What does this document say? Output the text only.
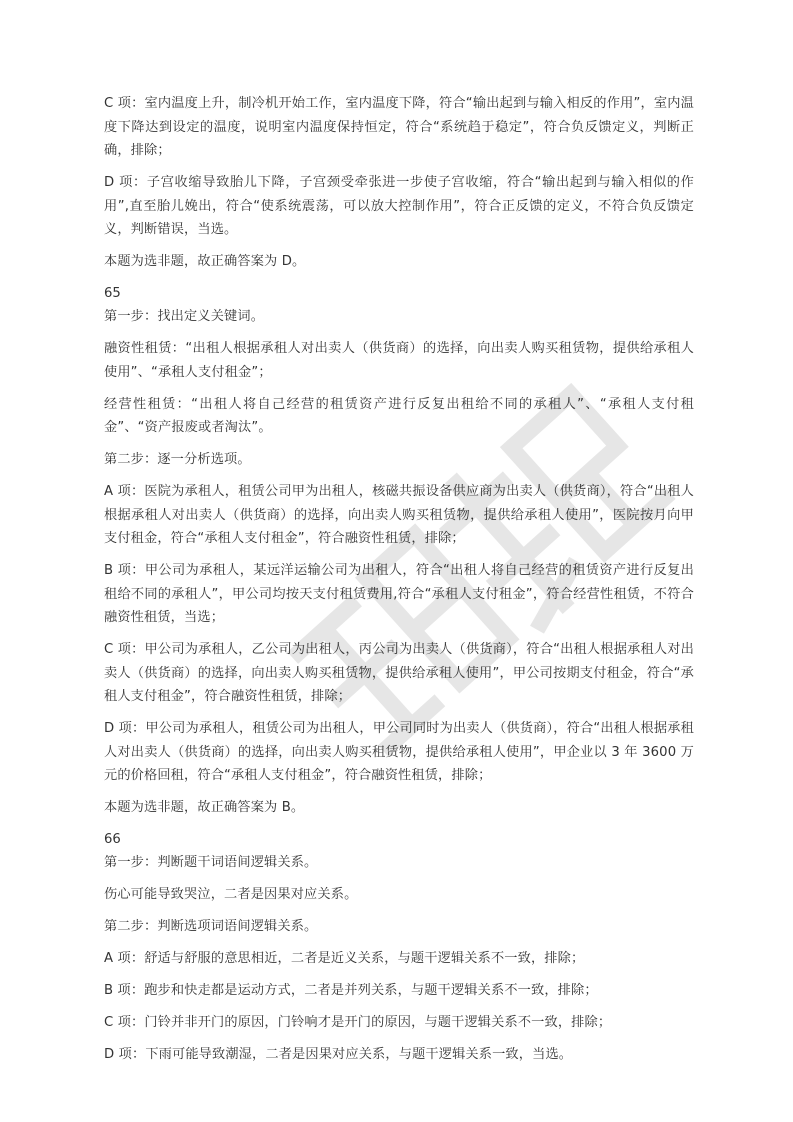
C 项：室内温度上升，制冷机开始工作，室内温度下降，符合“输出起到与输入相反的作用”，室内温度下降达到设定的温度，说明室内温度保持恒定，符合“系统趋于稳定”，符合负反馈定义，判断正确，排除；

D 项：子宫收缩导致胎儿下降，子宫颈受牵张进一步使子宫收缩，符合“输出起到与输入相似的作用”,直至胎儿娩出，符合“使系统震荡，可以放大控制作用”，符合正反馈的定义，不符合负反馈定义，判断错误，当选。

本题为选非题，故正确答案为 D。

65

第一步：找出定义关键词。

融资性租赁：“出租人根据承租人对出卖人（供货商）的选择，向出卖人购买租赁物，提供给承租人使用”、“承租人支付租金”；

经营性租赁：“出租人将自己经营的租赁资产进行反复出租给不同的承租人”、“承租人支付租金”、“资产报废或者淘汰”。

第二步：逐一分析选项。

A 项：医院为承租人，租赁公司甲为出租人，核磁共振设备供应商为出卖人（供货商），符合“出租人根据承租人对出卖人（供货商）的选择，向出卖人购买租赁物，提供给承租人使用”，医院按月向甲支付租金，符合“承租人支付租金”，符合融资性租赁，排除；

B 项：甲公司为承租人，某远洋运输公司为出租人，符合“出租人将自己经营的租赁资产进行反复出租给不同的承租人”，甲公司均按天支付租赁费用,符合“承租人支付租金”，符合经营性租赁，不符合融资性租赁，当选；

C 项：甲公司为承租人，乙公司为出租人，丙公司为出卖人（供货商），符合“出租人根据承租人对出卖人（供货商）的选择，向出卖人购买租赁物，提供给承租人使用”，甲公司按期支付租金，符合“承租人支付租金”，符合融资性租赁，排除；

D 项：甲公司为承租人，租赁公司为出租人，甲公司同时为出卖人（供货商），符合“出租人根据承租人对出卖人（供货商）的选择，向出卖人购买租赁物，提供给承租人使用”，甲企业以 3 年 3600 万元的价格回租，符合“承租人支付租金”，符合融资性租赁，排除；

本题为选非题，故正确答案为 B。

66

第一步：判断题干词语间逻辑关系。

伤心可能导致哭泣，二者是因果对应关系。

第二步：判断选项词语间逻辑关系。

A 项：舒适与舒服的意思相近，二者是近义关系，与题干逻辑关系不一致，排除；

B 项：跑步和快走都是运动方式，二者是并列关系，与题干逻辑关系不一致，排除；

C 项：门铃并非开门的原因，门铃响才是开门的原因，与题干逻辑关系不一致，排除；

D 项：下雨可能导致潮湿，二者是因果对应关系，与题干逻辑关系一致，当选。
